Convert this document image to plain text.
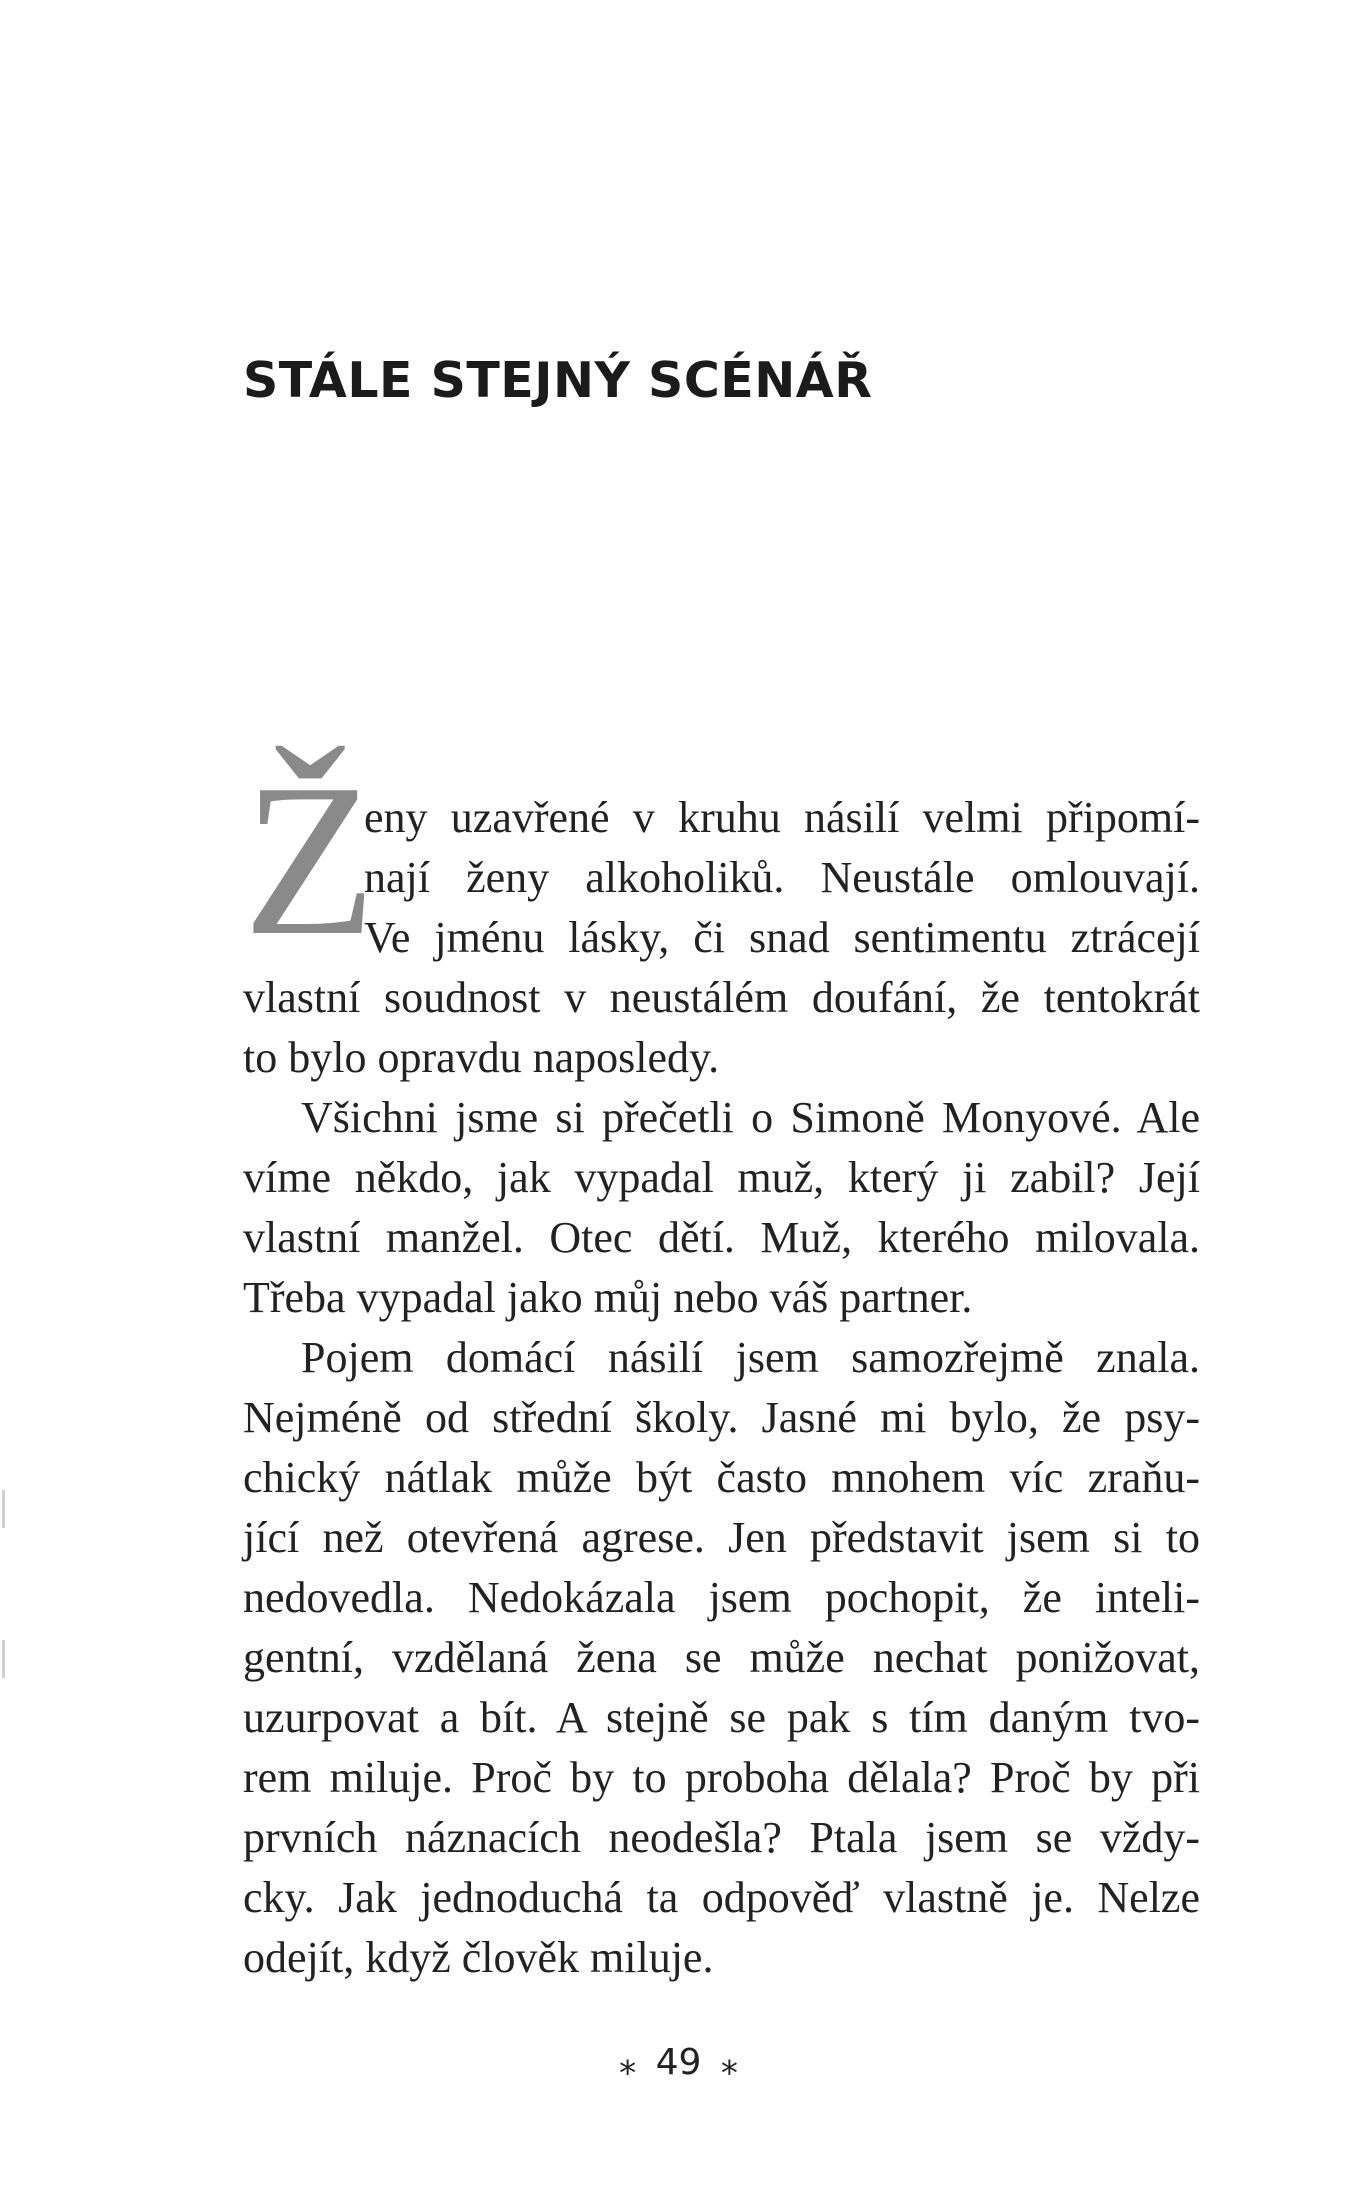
STÁLE STEJNÝ SCÉNÁŘ
Ž
eny uzavřené v kruhu násilí velmi připomí-
nají ženy alkoholiků. Neustále omlouvají.
Ve jménu lásky, či snad sentimentu ztrácejí
vlastní soudnost v neustálém doufání, že tentokrát
to bylo opravdu naposledy.
Všichni jsme si přečetli o Simoně Monyové. Ale
víme někdo, jak vypadal muž, který ji zabil? Její
vlastní manžel. Otec dětí. Muž, kterého milovala.
Třeba vypadal jako můj nebo váš partner.
Pojem domácí násilí jsem samozřejmě znala.
Nejméně od střední školy. Jasné mi bylo, že psy-
chický nátlak může být často mnohem víc zraňu-
jící než otevřená agrese. Jen představit jsem si to
nedovedla. Nedokázala jsem pochopit, že inteli-
gentní, vzdělaná žena se může nechat ponižovat,
uzurpovat a bít. A stejně se pak s tím daným tvo-
rem miluje. Proč by to proboha dělala? Proč by při
prvních náznacích neodešla? Ptala jsem se vždy-
cky. Jak jednoduchá ta odpověď vlastně je. Nelze
odejít, když člověk miluje.
⁎ 49 ⁎
